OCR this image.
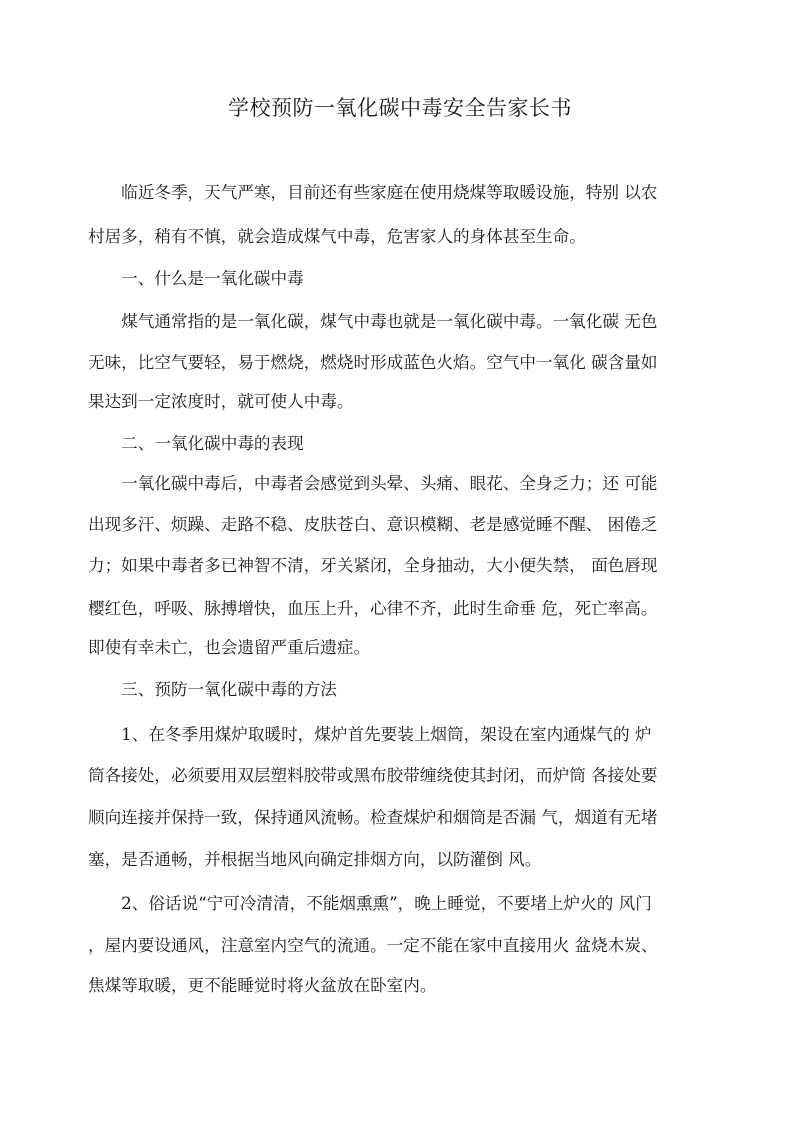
学校预防一氧化碳中毒安全告家长书
　　临近冬季，天气严寒，目前还有些家庭在使用烧煤等取暖设施，特别 以农
村居多，稍有不慎，就会造成煤气中毒，危害家人的身体甚至生命。
　　一、什么是一氧化碳中毒
　　煤气通常指的是一氧化碳，煤气中毒也就是一氧化碳中毒。一氧化碳 无色
无味，比空气要轻，易于燃烧，燃烧时形成蓝色火焰。空气中一氧化 碳含量如
果达到一定浓度时，就可使人中毒。
　　二、一氧化碳中毒的表现
　　一氧化碳中毒后，中毒者会感觉到头晕、头痛、眼花、全身乏力；还 可能
出现多汗、烦躁、走路不稳、皮肤苍白、意识模糊、老是感觉睡不醒、 困倦乏
力；如果中毒者多已神智不清，牙关紧闭，全身抽动，大小便失禁， 面色唇现
樱红色，呼吸、脉搏增快，血压上升，心律不齐，此时生命垂 危，死亡率高。
即使有幸未亡，也会遗留严重后遗症。
　　三、预防一氧化碳中毒的方法
　　1、在冬季用煤炉取暖时，煤炉首先要装上烟筒，架设在室内通煤气的 炉
筒各接处，必须要用双层塑料胶带或黑布胶带缠绕使其封闭，而炉筒 各接处要
顺向连接并保持一致，保持通风流畅。检查煤炉和烟筒是否漏 气，烟道有无堵
塞，是否通畅，并根据当地风向确定排烟方向，以防灌倒 风。
　　2、俗话说“宁可冷清清，不能烟熏熏”，晚上睡觉，不要堵上炉火的 风门
，屋内要设通风，注意室内空气的流通。一定不能在家中直接用火 盆烧木炭、
焦煤等取暖，更不能睡觉时将火盆放在卧室内。
